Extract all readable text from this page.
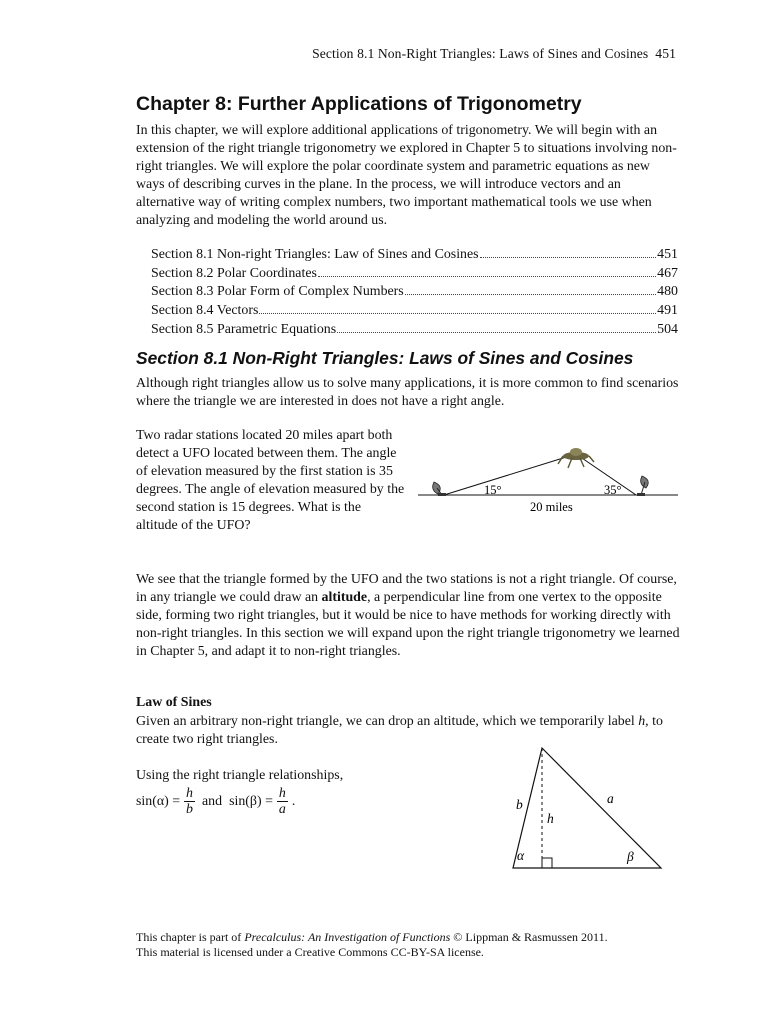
Section 8.1 Non-Right Triangles: Laws of Sines and Cosines 451
Chapter 8: Further Applications of Trigonometry

In this chapter, we will explore additional applications of trigonometry. We will begin with an extension of the right triangle trigonometry we explored in Chapter 5 to situations involving non-right triangles. We will explore the polar coordinate system and parametric equations as new ways of describing curves in the plane. In the process, we will introduce vectors and an alternative way of writing complex numbers, two important mathematical tools we use when analyzing and modeling the world around us.

Section 8.1 Non-right Triangles: Law of Sines and Cosines	451
Section 8.2 Polar Coordinates	467
Section 8.3 Polar Form of Complex Numbers	480
Section 8.4 Vectors	491
Section 8.5 Parametric Equations	504
Section 8.1 Non-Right Triangles: Laws of Sines and Cosines

Although right triangles allow us to solve many applications, it is more common to find scenarios where the triangle we are interested in does not have a right angle.

Two radar stations located 20 miles apart both detect a UFO located between them. The angle of elevation measured by the first station is 35 degrees. The angle of elevation measured by the second station is 15 degrees. What is the altitude of the UFO?

15°	35°
20 miles

We see that the triangle formed by the UFO and the two stations is not a right triangle. Of course, in any triangle we could draw an altitude, a perpendicular line from one vertex to the opposite side, forming two right triangles, but it would be nice to have methods for working directly with non-right triangles. In this section we will expand upon the right triangle trigonometry we learned in Chapter 5, and adapt it to non-right triangles.

Law of Sines

Given an arbitrary non-right triangle, we can drop an altitude, which we temporarily label h, to create two right triangles.

Using the right triangle relationships,

$\sin(\alpha) = \frac{h}{b}$ and $\sin(\beta) = \frac{h}{a}$ .	b	a
h
α	β
This chapter is part of Precalculus: An Investigation of Functions © Lippman & Rasmussen 2011.
This material is licensed under a Creative Commons CC-BY-SA license.
